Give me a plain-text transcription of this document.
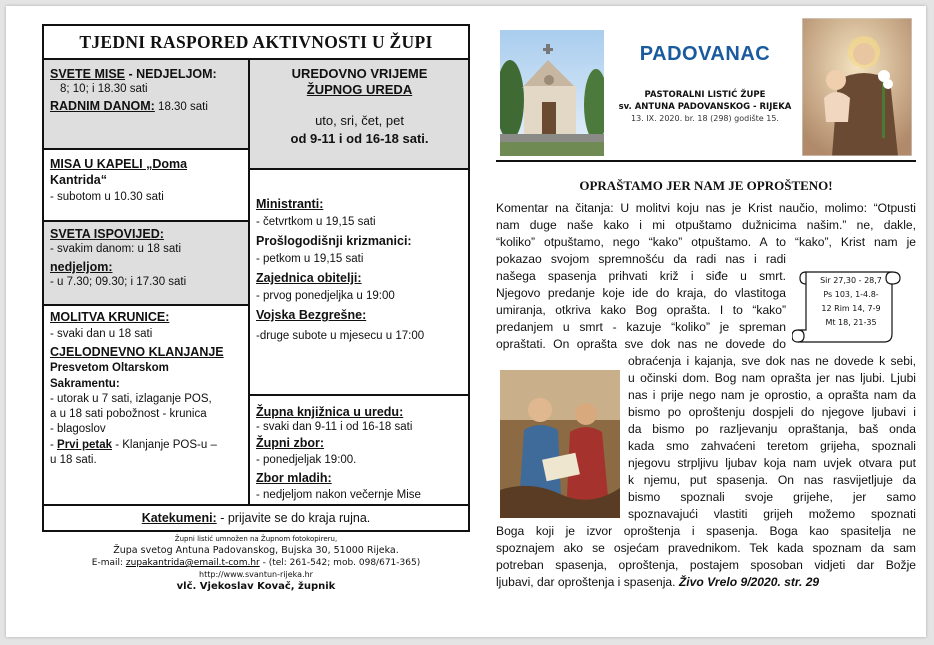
TJEDNI RASPORED AKTIVNOSTI U ŽUPI
SVETE MISE - NEDJELJOM:
8; 10; i 18.30 sati
RADNIM DANOM: 18.30 sati
MISA U KAPELI „Doma
Kantrida“
- subotom u 10.30 sati
SVETA ISPOVIJED:
- svakim danom: u 18 sati
nedjeljom:
- u 7.30; 09.30; i 17.30 sati
MOLITVA KRUNICE:
- svaki dan u 18 sati
CJELODNEVNO KLANJANJE
Presvetom Oltarskom
Sakramentu:
- utorak u 7 sati, izlaganje POS,
a u 18 sati pobožnost - krunica
- blagoslov
- Prvi petak - Klanjanje POS-u –
u 18 sati.
UREDOVNO VRIJEME
ŽUPNOG UREDA
uto, sri, čet, pet
od 9-11 i od 16-18 sati.
Ministranti:
- četvrtkom u 19,15 sati
Prošlogodišnji krizmanici:
- petkom u 19,15 sati
Zajednica obitelji:
- prvog ponedjeljka u 19:00
Vojska Bezgrešne:
-druge subote u mjesecu u 17:00
Župna knjižnica u uredu:
- svaki dan 9-11 i od 16-18 sati
Župni zbor:
- ponedjeljak 19:00.
Zbor mladih:
- nedjeljom nakon večernje Mise
Katekumeni: - prijavite se do kraja rujna.
Župni listić umnožen na Župnom fotokopireru,
Župa svetog Antuna Padovanskog, Bujska 30, 51000 Rijeka.
E-mail: zupakantrida@email.t-com.hr - (tel: 261-542; mob. 098/671-365)
http://www.svantun-rijeka.hr
vlč. Vjekoslav Kovač, župnik
PADOVANAC
PASTORALNI LISTIĆ ŽUPE
sv. ANTUNA PADOVANSKOG - RIJEKA
13. IX. 2020. br. 18 (298) godište 15.
OPRAŠTAMO JER NAM JE OPROŠTENO!
Komentar na čitanja: U molitvi koju nas je Krist naučio, molimo: “Otpusti
nam duge naše kako i mi otpuštamo dužnicima našim.” ne, dakle,
“koliko” otpuštamo, nego “kako” otpuštamo. A to “kako”, Krist nam je
pokazao svojom spremnošću da radi nas i radi
našega spasenja prihvati križ i siđe u smrt.
Njegovo predanje koje ide do kraja, do vlastitoga
umiranja, otkriva kako Bog oprašta. I to “kako”
predanjem u smrt - kazuje “koliko” je spreman
opraštati. On oprašta sve dok nas ne dovede do
Sir 27,30 - 28,7
Ps 103, 1-4.8-
12 Rim 14, 7-9
Mt 18, 21-35
obraćenja i kajanja, sve dok nas ne dovede k sebi,
u očinski dom. Bog nam oprašta jer nas ljubi. Ljubi
nas i prije nego nam je oprostio, a oprašta nam da
bismo po oproštenju dospjeli do njegove ljubavi i
da bismo po razljevanju opraštanja, baš onda
kada smo zahvaćeni teretom grijeha, spoznali
njegovu strpljivu ljubav koja nam uvjek otvara put
k njemu, put spasenja. On nas rasvijetljuje da
bismo spoznali svoje grijehe, jer samo
spoznavajući vlastiti grijeh možemo spoznati
Boga koji je izvor oproštenja i spasenja. Boga kao spasitelja ne
spoznajem ako se osjećam pravednikom. Tek kada spoznam da sam
potreban spasenja, oproštenja, postajem sposoban vidjeti dar Božje
ljubavi, dar oproštenja i spasenja. Živo Vrelo 9/2020. str. 29
